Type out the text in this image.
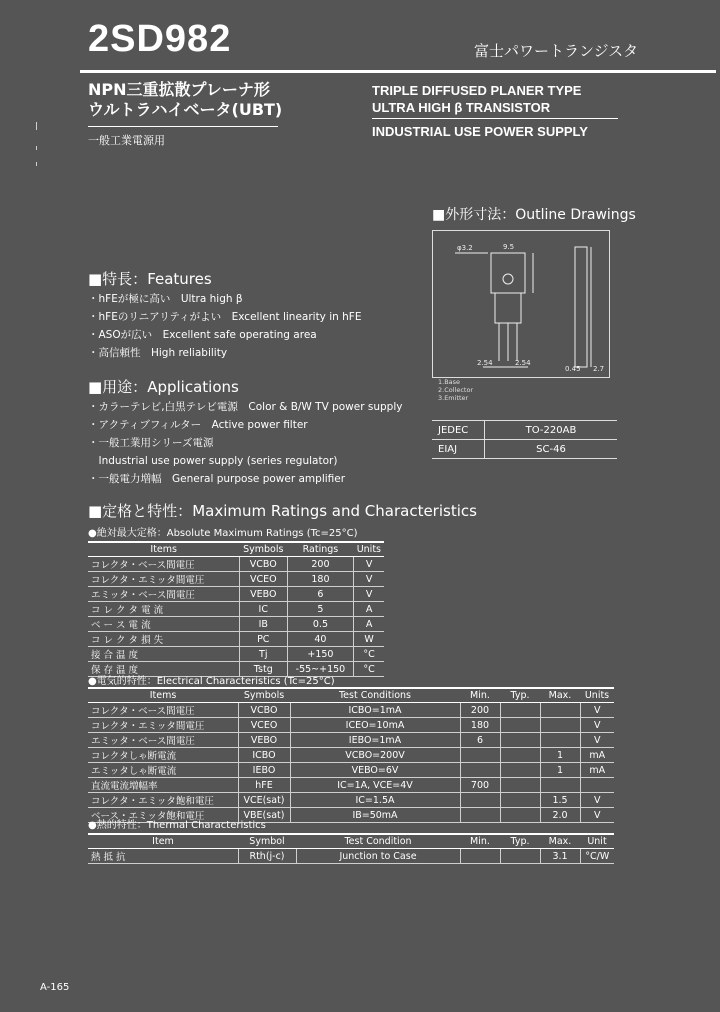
2SD982	富士パワートランジスタ
NPN三重拡散プレーナ形
ウルトラハイベータ(UBT)
TRIPLE DIFFUSED PLANER TYPE
ULTRA HIGH β TRANSISTOR
一般工業電源用
INDUSTRIAL USE POWER SUPPLY
■外形寸法：Outline Drawings
φ3.2	9.5
2.54	2.54
0.45 2.7
1.Base
2.Collector
3.Emitter
JEDEC	TO-220AB
EIAJ	SC-46
■特長：Features
・hFEが極に高い　Ultra high β
・hFEのリニアリティがよい　Excellent linearity in hFE
・ASOが広い　Excellent safe operating area
・高信頼性　High reliability
■用途：Applications
・カラーテレビ,白黒テレビ電源　Color & B/W TV power supply
・アクティブフィルター　Active power filter
・一般工業用シリーズ電源
　Industrial use power supply (series regulator)
・一般電力増幅　General purpose power amplifier
■定格と特性：Maximum Ratings and Characteristics
●絶対最大定格：Absolute Maximum Ratings (Tc=25°C)
Items	Symbols	Ratings	Units
コレクタ・ベース間電圧	VCBO	200	V
コレクタ・エミッタ間電圧	VCEO	180	V
エミッタ・ベース間電圧	VEBO	6	V
コ レ ク タ 電 流	IC	5	A
ベ ー ス 電 流	IB	0.5	A
コ レ ク タ 損 失	PC	40	W
接 合 温 度	Tj	+150	°C
保 存 温 度	Tstg	-55~+150	°C
●電気的特性：Electrical Characteristics (Tc=25°C)
Items	Symbols	Test Conditions	Min.	Typ.	Max.	Units
コレクタ・ベース間電圧	VCBO	ICBO=1mA	200			V
コレクタ・エミッタ間電圧	VCEO	ICEO=10mA	180			V
エミッタ・ベース間電圧	VEBO	IEBO=1mA	6			V
コレクタしゃ断電流	ICBO	VCBO=200V			1	mA
エミッタしゃ断電流	IEBO	VEBO=6V			1	mA
直流電流増幅率	hFE	IC=1A, VCE=4V	700			
コレクタ・エミッタ飽和電圧	VCE(sat)	IC=1.5A			1.5	V
ベース・エミッタ飽和電圧	VBE(sat)	IB=50mA			2.0	V
●熱的特性：Thermal Characteristics
Item	Symbol	Test Condition	Min.	Typ.	Max.	Unit
熱 抵 抗	Rth(j-c)	Junction to Case			3.1	°C/W
A-165
